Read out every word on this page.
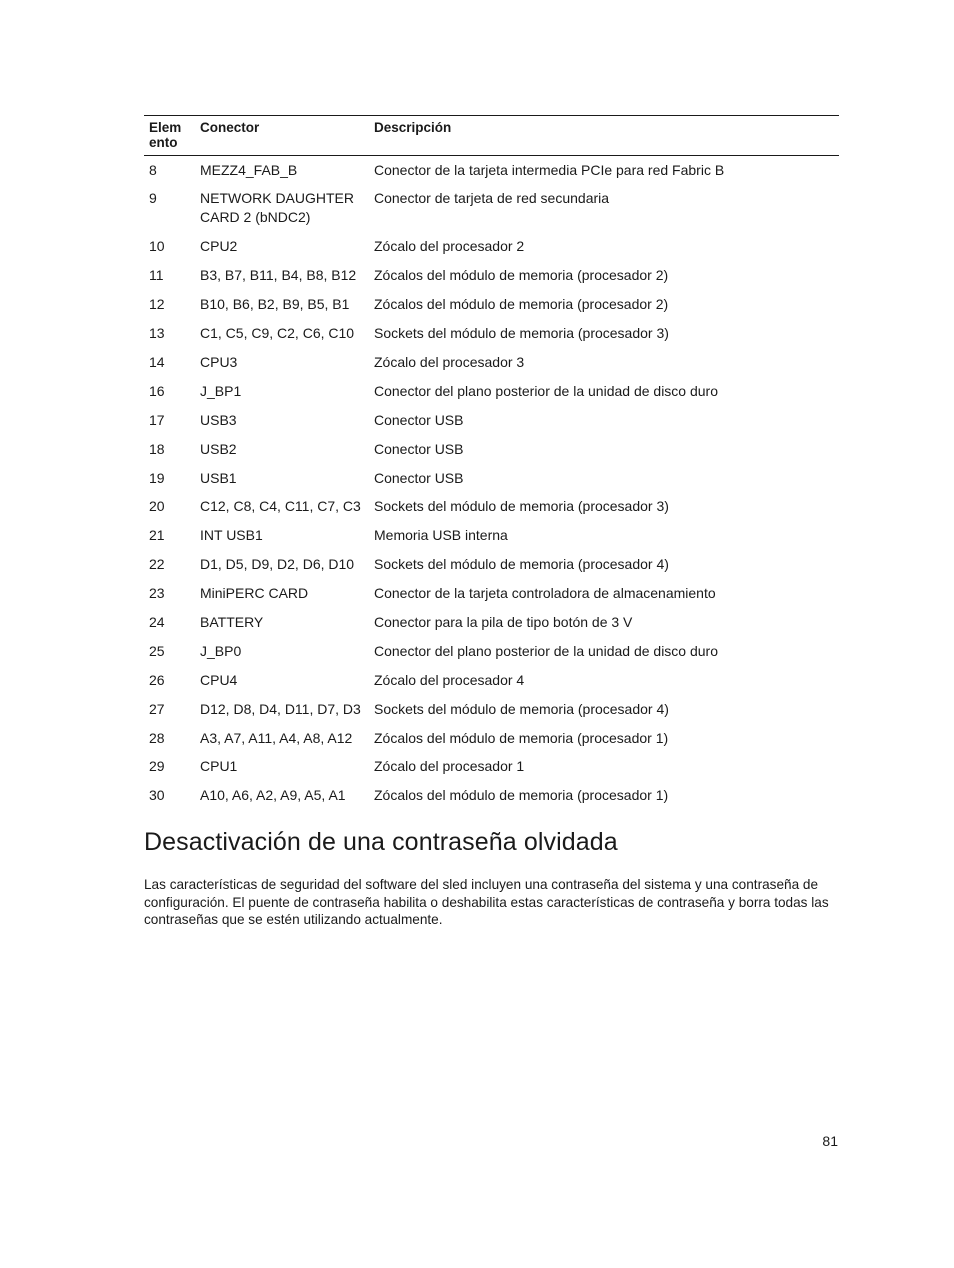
Elem
ento	Conector	Descripción
8	MEZZ4_FAB_B	Conector de la tarjeta intermedia PCIe para red Fabric B
9	NETWORK DAUGHTER CARD 2 (bNDC2)	Conector de tarjeta de red secundaria
10	CPU2	Zócalo del procesador 2
11	B3, B7, B11, B4, B8, B12	Zócalos del módulo de memoria (procesador 2)
12	B10, B6, B2, B9, B5, B1	Zócalos del módulo de memoria (procesador 2)
13	C1, C5, C9, C2, C6, C10	Sockets del módulo de memoria (procesador 3)
14	CPU3	Zócalo del procesador 3
16	J_BP1	Conector del plano posterior de la unidad de disco duro
17	USB3	Conector USB
18	USB2	Conector USB
19	USB1	Conector USB
20	C12, C8, C4, C11, C7, C3	Sockets del módulo de memoria (procesador 3)
21	INT USB1	Memoria USB interna
22	D1, D5, D9, D2, D6, D10	Sockets del módulo de memoria (procesador 4)
23	MiniPERC CARD	Conector de la tarjeta controladora de almacenamiento
24	BATTERY	Conector para la pila de tipo botón de 3 V
25	J_BP0	Conector del plano posterior de la unidad de disco duro
26	CPU4	Zócalo del procesador 4
27	D12, D8, D4, D11, D7, D3	Sockets del módulo de memoria (procesador 4)
28	A3, A7, A11, A4, A8, A12	Zócalos del módulo de memoria (procesador 1)
29	CPU1	Zócalo del procesador 1
30	A10, A6, A2, A9, A5, A1	Zócalos del módulo de memoria (procesador 1)
Desactivación de una contraseña olvidada

Las características de seguridad del software del sled incluyen una contraseña del sistema y una contraseña de configuración. El puente de contraseña habilita o deshabilita estas características de contraseña y borra todas las contraseñas que se estén utilizando actualmente.

81
